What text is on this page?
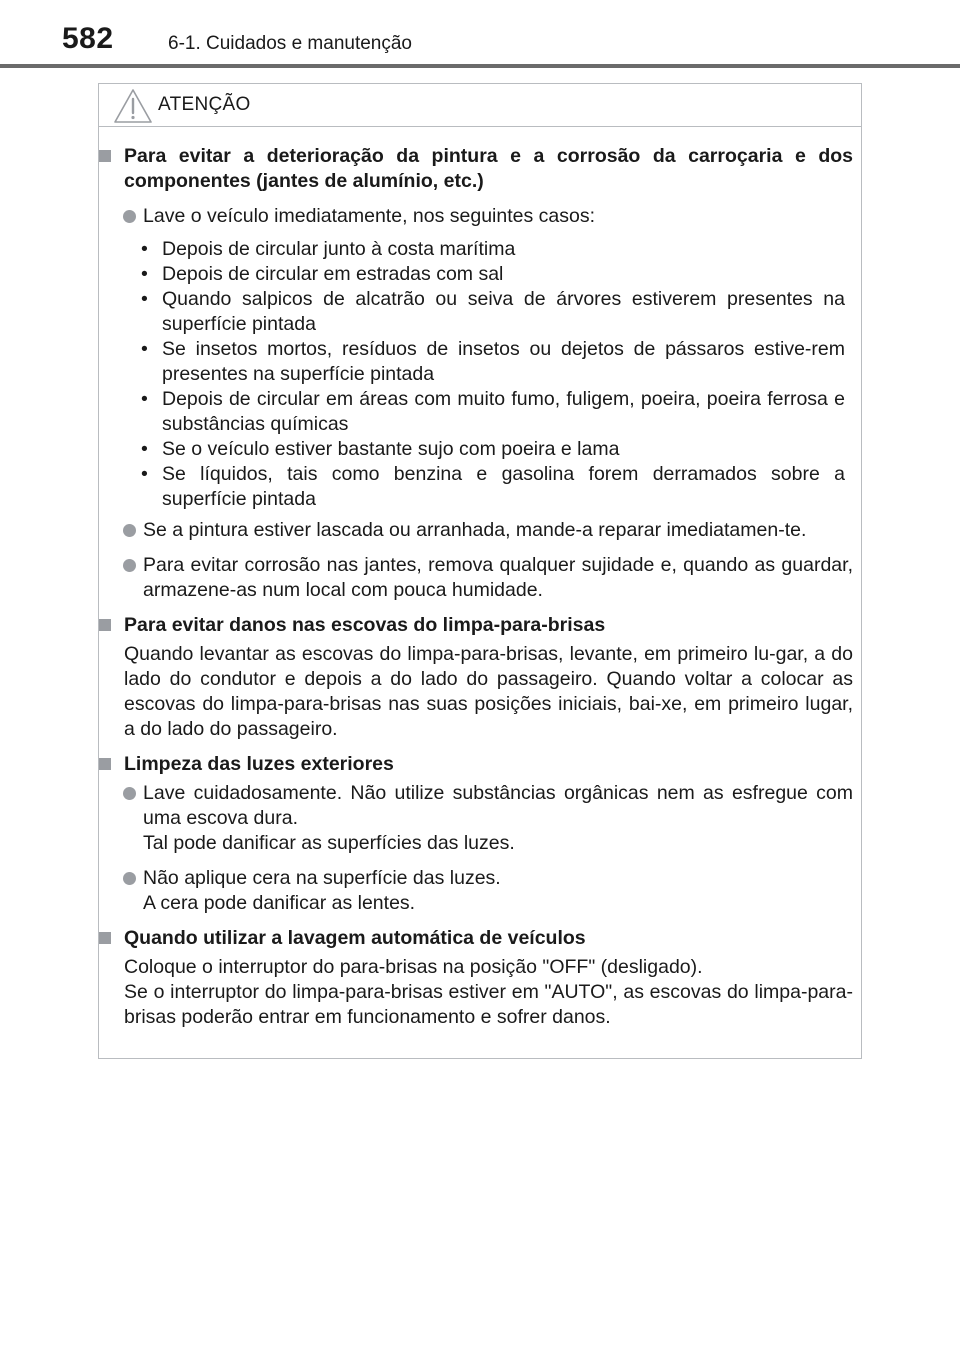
582	6-1. Cuidados e manutenção
ATENÇÃO
Para evitar a deterioração da pintura e a corrosão da carroçaria e dos componentes (jantes de alumínio, etc.)
Lave o veículo imediatamente, nos seguintes casos:
• Depois de circular junto à costa marítima
• Depois de circular em estradas com sal
• Quando salpicos de alcatrão ou seiva de árvores estiverem presentes na superfície pintada
• Se insetos mortos, resíduos de insetos ou dejetos de pássaros estive-rem presentes na superfície pintada
• Depois de circular em áreas com muito fumo, fuligem, poeira, poeira ferrosa e substâncias químicas
• Se o veículo estiver bastante sujo com poeira e lama
• Se líquidos, tais como benzina e gasolina forem derramados sobre a superfície pintada
Se a pintura estiver lascada ou arranhada, mande-a reparar imediatamen-te.
Para evitar corrosão nas jantes, remova qualquer sujidade e, quando as guardar, armazene-as num local com pouca humidade.
Para evitar danos nas escovas do limpa-para-brisas
Quando levantar as escovas do limpa-para-brisas, levante, em primeiro lu-gar, a do lado do condutor e depois a do lado do passageiro. Quando voltar a colocar as escovas do limpa-para-brisas nas suas posições iniciais, bai-xe, em primeiro lugar, a do lado do passageiro.
Limpeza das luzes exteriores
Lave cuidadosamente. Não utilize substâncias orgânicas nem as esfregue com uma escova dura.
Tal pode danificar as superfícies das luzes.
Não aplique cera na superfície das luzes.
A cera pode danificar as lentes.
Quando utilizar a lavagem automática de veículos
Coloque o interruptor do para-brisas na posição "OFF" (desligado).
Se o interruptor do limpa-para-brisas estiver em "AUTO", as escovas do limpa-para-brisas poderão entrar em funcionamento e sofrer danos.
